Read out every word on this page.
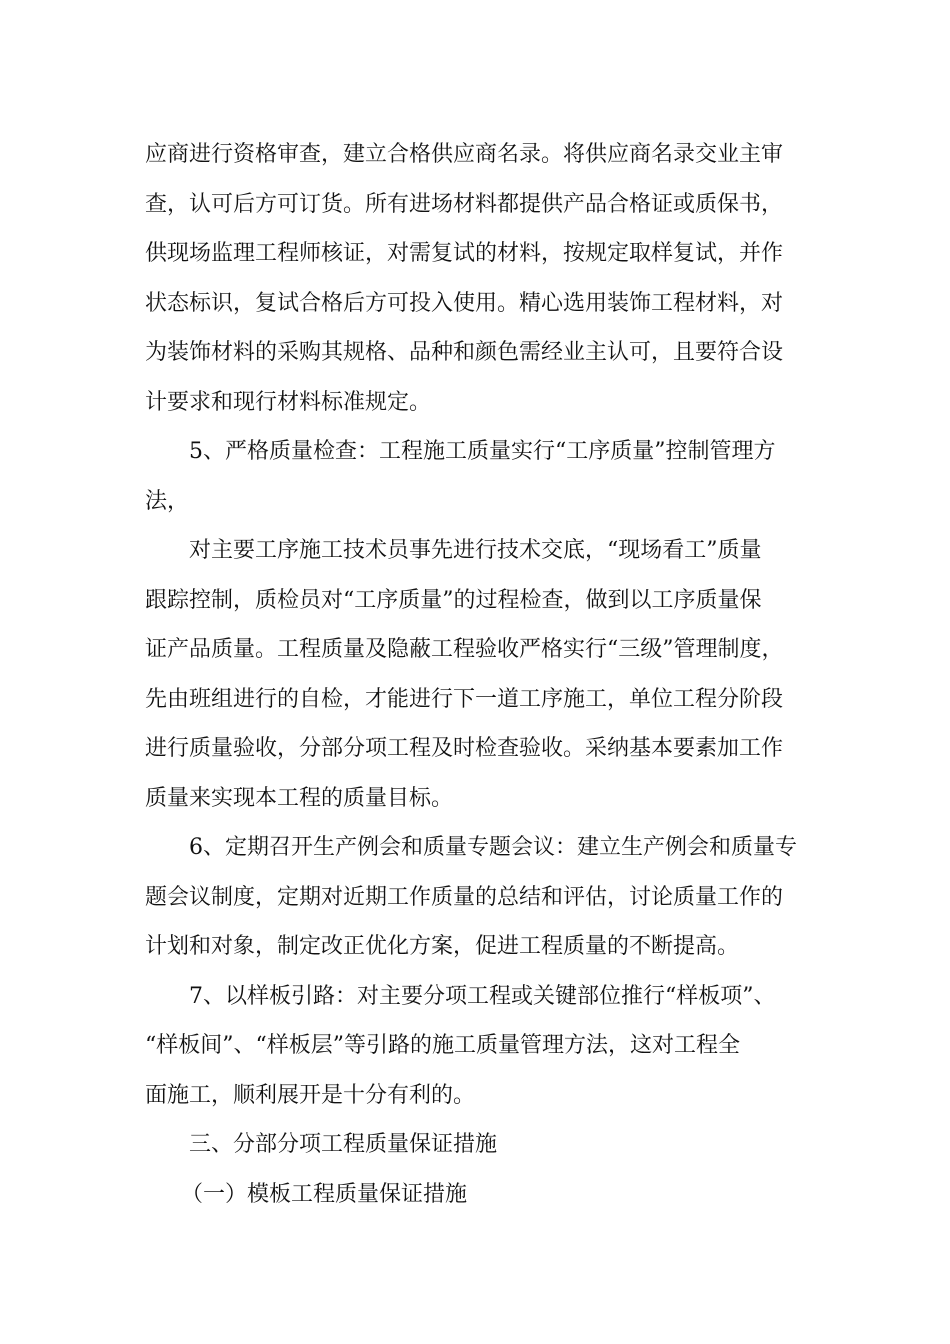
应商进行资格审查，建立合格供应商名录。将供应商名录交业主审
查，认可后方可订货。所有进场材料都提供产品合格证或质保书，
供现场监理工程师核证，对需复试的材料，按规定取样复试，并作
状态标识，复试合格后方可投入使用。精心选用装饰工程材料，对
为装饰材料的采购其规格、品种和颜色需经业主认可，且要符合设
计要求和现行材料标准规定。

5、严格质量检查：工程施工质量实行“工序质量”控制管理方
法，

对主要工序施工技术员事先进行技术交底，“现场看工”质量
跟踪控制，质检员对“工序质量”的过程检查，做到以工序质量保
证产品质量。工程质量及隐蔽工程验收严格实行“三级”管理制度，
先由班组进行的自检，才能进行下一道工序施工，单位工程分阶段
进行质量验收，分部分项工程及时检查验收。采纳基本要素加工作
质量来实现本工程的质量目标。

6、定期召开生产例会和质量专题会议：建立生产例会和质量专
题会议制度，定期对近期工作质量的总结和评估，讨论质量工作的
计划和对象，制定改正优化方案，促进工程质量的不断提高。

7、以样板引路：对主要分项工程或关键部位推行“样板项”、
“样板间”、“样板层”等引路的施工质量管理方法，这对工程全
面施工，顺利展开是十分有利的。

三、分部分项工程质量保证措施

（一）模板工程质量保证措施
